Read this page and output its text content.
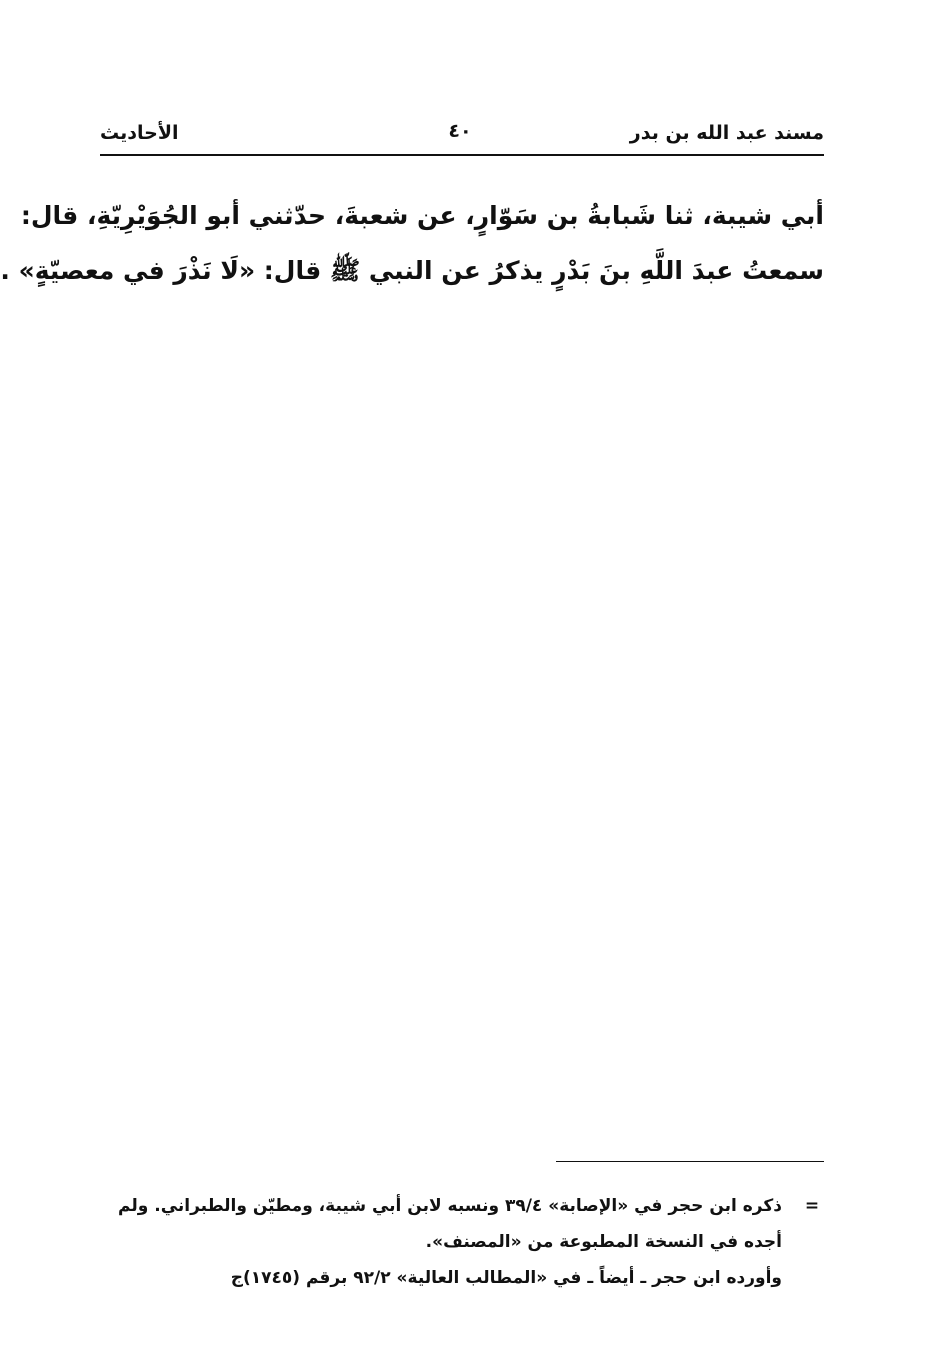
مسند عبد الله بن بدر
٤٠
الأحاديث
أبي شيبة، ثنا شَبابةُ بن سَوّارٍ، عن شعبةَ، حدّثني أبو الجُوَيْرِيّةِ، قال:
سمعتُ عبدَ اللَّهِ بنَ بَدْرٍ يذكرُ عن النبي ﷺ قال: «لَا نَذْرَ في معصيّةٍ» .
=
ذكره ابن حجر في «الإصابة» ٣٩/٤ ونسبه لابن أبي شيبة، ومطيّن والطبراني. ولم
أجده في النسخة المطبوعة من «المصنف».
وأورده ابن حجر ـ أيضاً ـ في «المطالب العالية» ٩٢/٢ برقم (١٧٤٥)ج
